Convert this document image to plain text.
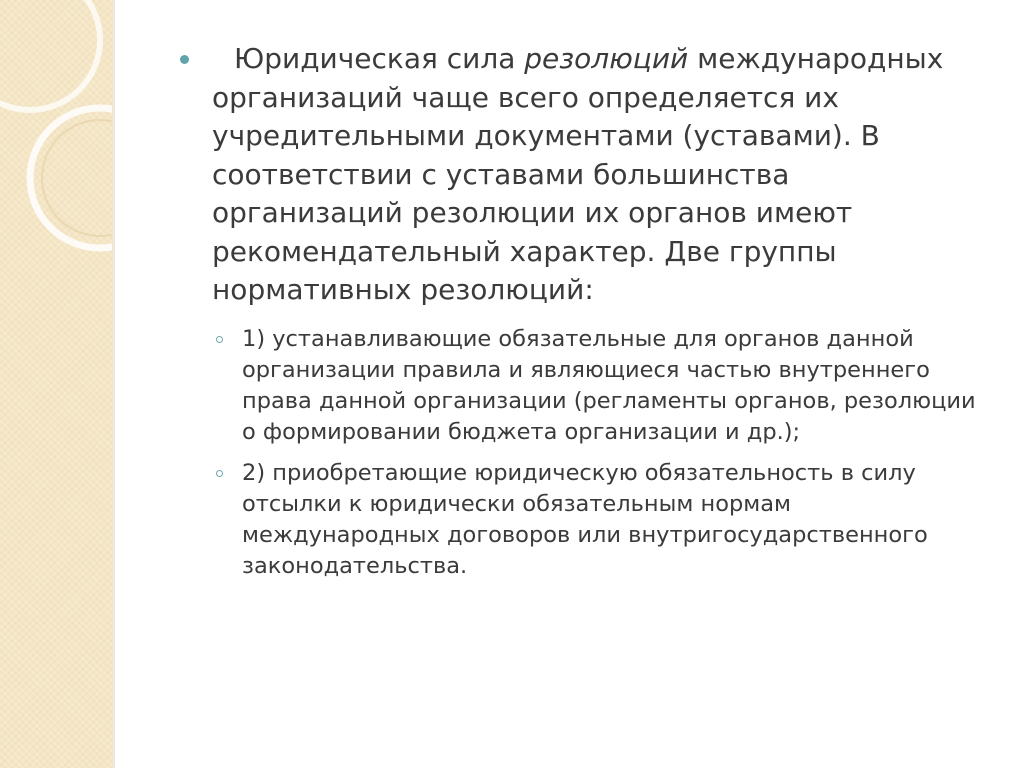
Юридическая сила резолюций международных организаций чаще всего определяется их учредительными документами (уставами). В соответствии с уставами большинства организаций резолюции их органов имеют рекомендательный характер. Две группы нормативных резолюций:
1) устанавливающие обязательные для органов данной организации правила и являющиеся частью внутреннего права данной организации (регламенты органов, резолюции о формировании бюджета организации и др.);
2) приобретающие юридическую обязательность в силу отсылки к юридически обязательным нормам международных договоров или внутригосударственного законодательства.
